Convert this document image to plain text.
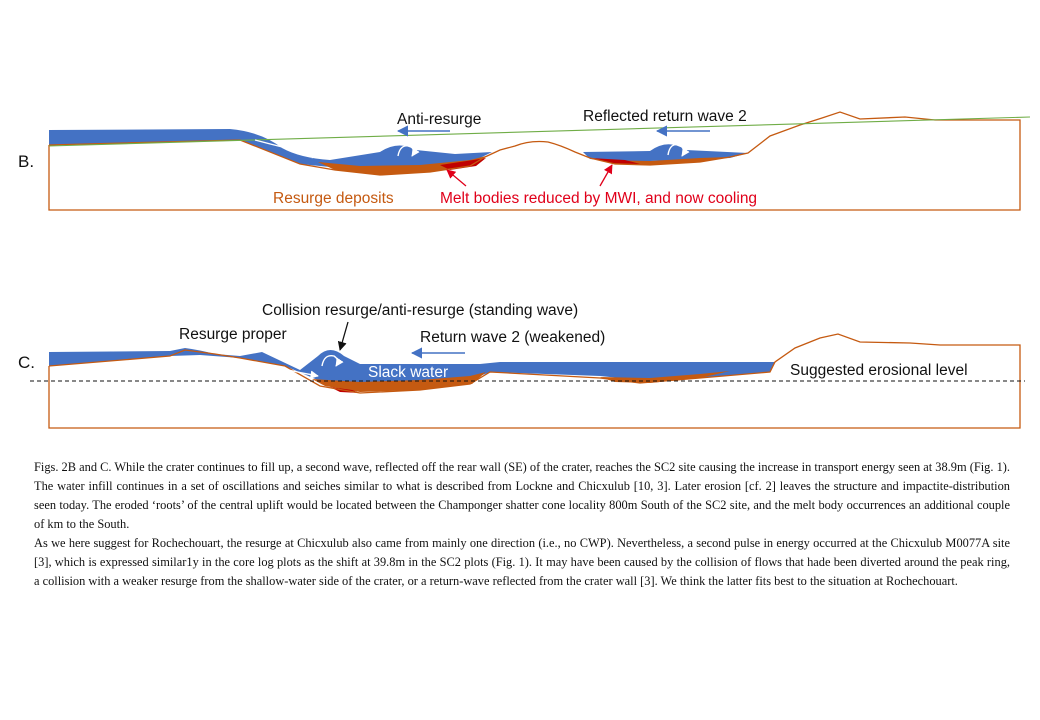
B.
Anti-resurge	Reflected return wave 2
Resurge deposits	Melt bodies reduced by MWI, and now cooling
C.
Collision resurge/anti-resurge (standing wave)
Resurge proper	Return wave 2 (weakened)
Slack water	Suggested erosional level

Figs. 2B and C. While the crater continues to fill up, a second wave, reflected off the rear wall (SE) of the crater, reaches the SC2 site causing the increase in transport energy seen at 38.9m (Fig. 1). The water infill continues in a set of oscillations and seiches similar to what is described from Lockne and Chicxulub [10, 3]. Later erosion [cf. 2] leaves the structure and impactite-distribution seen today. The eroded ‘roots’ of the central uplift would be located between the Champonger shatter cone locality 800m South of the SC2 site, and the melt body occurrences an additional couple of km to the South.

As we here suggest for Rochechouart, the resurge at Chicxulub also came from mainly one direction (i.e., no CWP). Nevertheless, a second pulse in energy occurred at the Chicxulub M0077A site [3], which is expressed similar1y in the core log plots as the shift at 39.8m in the SC2 plots (Fig. 1). It may have been caused by the collision of flows that hade been diverted around the peak ring, a collision with a weaker resurge from the shallow-water side of the crater, or a return-wave reflected from the crater wall [3]. We think the latter fits best to the situation at Rochechouart.
